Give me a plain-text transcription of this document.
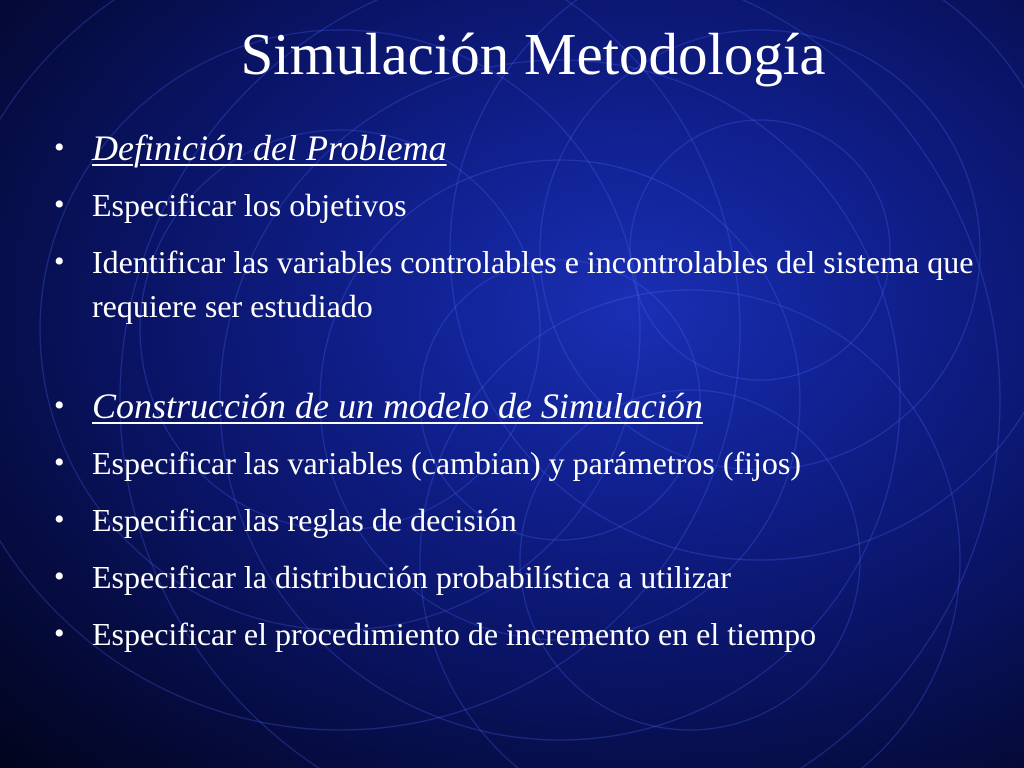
Simulación Metodología
• Definición del Problema
• Especificar los objetivos
• Identificar las variables controlables e incontrolables del sistema que requiere ser estudiado
• Construcción de un modelo de Simulación
• Especificar las variables (cambian) y parámetros (fijos)
• Especificar las reglas de decisión
• Especificar la distribución probabilística a utilizar
• Especificar el procedimiento de incremento en el tiempo
